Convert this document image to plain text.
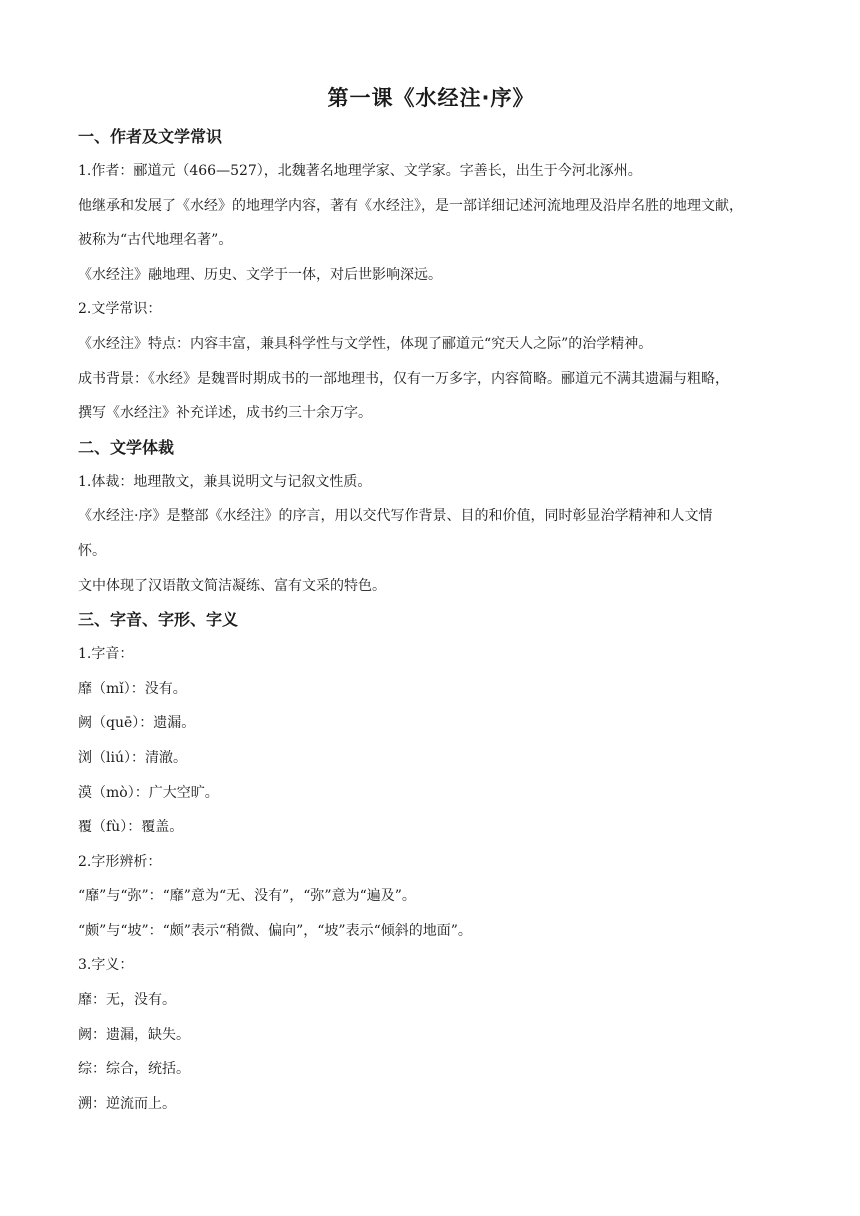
第一课《水经注·序》
一、作者及文学常识
1.作者：郦道元（466—527），北魏著名地理学家、文学家。字善长，出生于今河北涿州。
他继承和发展了《水经》的地理学内容，著有《水经注》，是一部详细记述河流地理及沿岸名胜的地理文献，
被称为“古代地理名著”。
《水经注》融地理、历史、文学于一体，对后世影响深远。
2.文学常识：
《水经注》特点：内容丰富，兼具科学性与文学性，体现了郦道元“究天人之际”的治学精神。
成书背景：《水经》是魏晋时期成书的一部地理书，仅有一万多字，内容简略。郦道元不满其遗漏与粗略，
撰写《水经注》补充详述，成书约三十余万字。
二、文学体裁
1.体裁：地理散文，兼具说明文与记叙文性质。
《水经注·序》是整部《水经注》的序言，用以交代写作背景、目的和价值，同时彰显治学精神和人文情
怀。
文中体现了汉语散文简洁凝练、富有文采的特色。
三、字音、字形、字义
1.字音：
靡（mǐ）：没有。
阙（quē）：遗漏。
浏（liú）：清澈。
漠（mò）：广大空旷。
覆（fù）：覆盖。
2.字形辨析：
“靡”与“弥”：“靡”意为“无、没有”，“弥”意为“遍及”。
“颇”与“坡”：“颇”表示“稍微、偏向”，“坡”表示“倾斜的地面”。
3.字义：
靡：无，没有。
阙：遗漏，缺失。
综：综合，统括。
溯：逆流而上。
